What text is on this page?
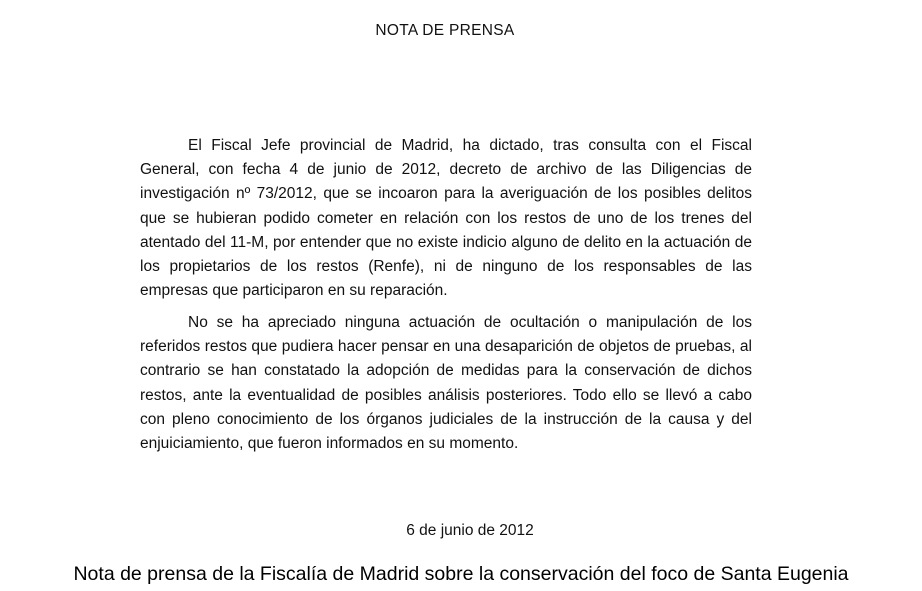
NOTA DE PRENSA

El Fiscal Jefe provincial de Madrid, ha dictado, tras consulta con el Fiscal General, con fecha 4 de junio de 2012, decreto de archivo de las Diligencias de investigación nº 73/2012, que se incoaron para la averiguación de los posibles delitos que se hubieran podido cometer en relación con los restos de uno de los trenes del atentado del 11-M, por entender que no existe indicio alguno de delito en la actuación de los propietarios de los restos (Renfe), ni de ninguno de los responsables de las empresas que participaron en su reparación.

No se ha apreciado ninguna actuación de ocultación o manipulación de los referidos restos que pudiera hacer pensar en una desaparición de objetos de pruebas, al contrario se han constatado la adopción de medidas para la conservación de dichos restos, ante la eventualidad de posibles análisis posteriores. Todo ello se llevó a cabo con pleno conocimiento de los órganos judiciales de la instrucción de la causa y del enjuiciamiento, que fueron informados en su momento.

6 de junio de 2012
Nota de prensa de la Fiscalía de Madrid sobre la conservación del foco de Santa Eugenia
